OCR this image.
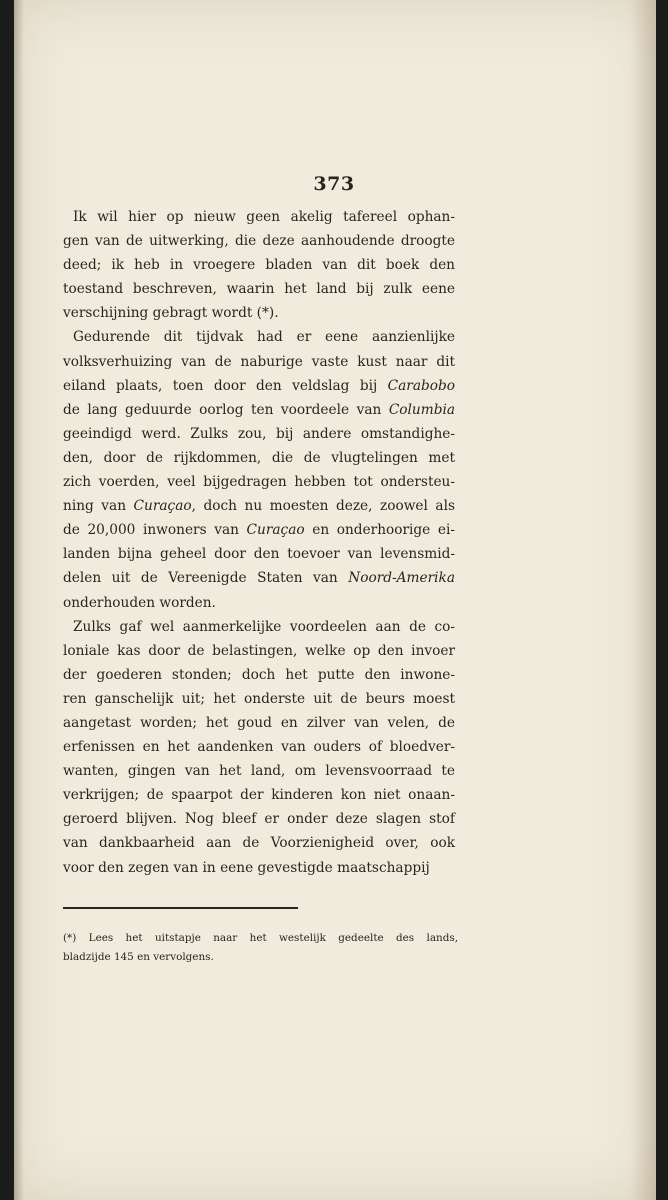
373
Ik wil hier op nieuw geen akelig tafereel ophan-
gen van de uitwerking, die deze aanhoudende droogte
deed; ik heb in vroegere bladen van dit boek den
toestand beschreven, waarin het land bij zulk eene
verschijning gebragt wordt (*).
Gedurende dit tijdvak had er eene aanzienlijke
volksverhuizing van de naburige vaste kust naar dit
eiland plaats, toen door den veldslag bij Carabobo
de lang geduurde oorlog ten voordeele van Columbia
geeindigd werd. Zulks zou, bij andere omstandighe-
den, door de rijkdommen, die de vlugtelingen met
zich voerden, veel bijgedragen hebben tot ondersteu-
ning van Curaçao, doch nu moesten deze, zoowel als
de 20,000 inwoners van Curaçao en onderhoorige ei-
landen bijna geheel door den toevoer van levensmid-
delen uit de Vereenigde Staten van Noord-Amerika
onderhouden worden.
Zulks gaf wel aanmerkelijke voordeelen aan de co-
loniale kas door de belastingen, welke op den invoer
der goederen stonden; doch het putte den inwone-
ren ganschelijk uit; het onderste uit de beurs moest
aangetast worden; het goud en zilver van velen, de
erfenissen en het aandenken van ouders of bloedver-
wanten, gingen van het land, om levensvoorraad te
verkrijgen; de spaarpot der kinderen kon niet onaan-
geroerd blijven. Nog bleef er onder deze slagen stof
van dankbaarheid aan de Voorzienigheid over, ook
voor den zegen van in eene gevestigde maatschappij
(*) Lees het uitstapje naar het westelijk gedeelte des lands,
bladzijde 145 en vervolgens.
